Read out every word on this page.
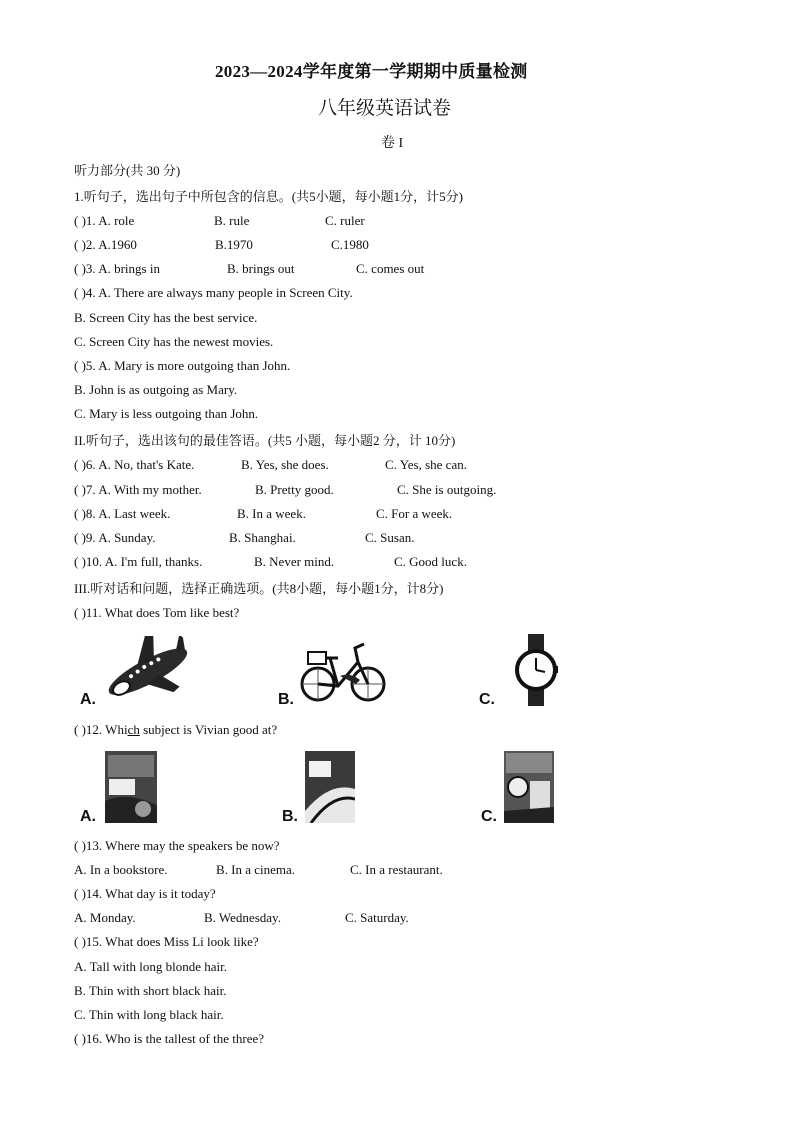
2023—2024学年度第一学期期中质量检测
八年级英语试卷
卷 I
听力部分(共 30 分)
1.听句子，选出句子中所包含的信息。(共5小题，每小题1分，计5分)
( )1. A. role	B. rule	C. ruler
( )2. A.1960	B.1970	C.1980
( )3. A. brings in	B. brings out	C. comes out
( )4. A. There are always many people in Screen City.
B. Screen City has the best service.
C. Screen City has the newest movies.
( )5. A. Mary is more outgoing than John.
B. John is as outgoing as Mary.
C. Mary is less outgoing than John.
II.听句子，选出该句的最佳答语。(共5 小题，每小题2 分，计 10分)
( )6. A. No, that's Kate.	B. Yes, she does.	C. Yes, she can.
( )7. A. With my mother.	B. Pretty good.	C. She is outgoing.
( )8. A. Last week.	B. In a week.	C. For a week.
( )9. A. Sunday.	B. Shanghai.	C. Susan.
( )10. A. I'm full, thanks.	B. Never mind.	C. Good luck.
III.听对话和问题，选择正确选项。(共8小题，每小题1分，计8分)
( )11. What does Tom like best?
A.	B.	C.
( )12. Which subject is Vivian good at?
A.	B.	C.
( )13. Where may the speakers be now?
A. In a bookstore.	B. In a cinema.	C. In a restaurant.
( )14. What day is it today?
A. Monday.	B. Wednesday.	C. Saturday.
( )15. What does Miss Li look like?
A. Tall with long blonde hair.
B. Thin with short black hair.
C. Thin with long black hair.
( )16. Who is the tallest of the three?
